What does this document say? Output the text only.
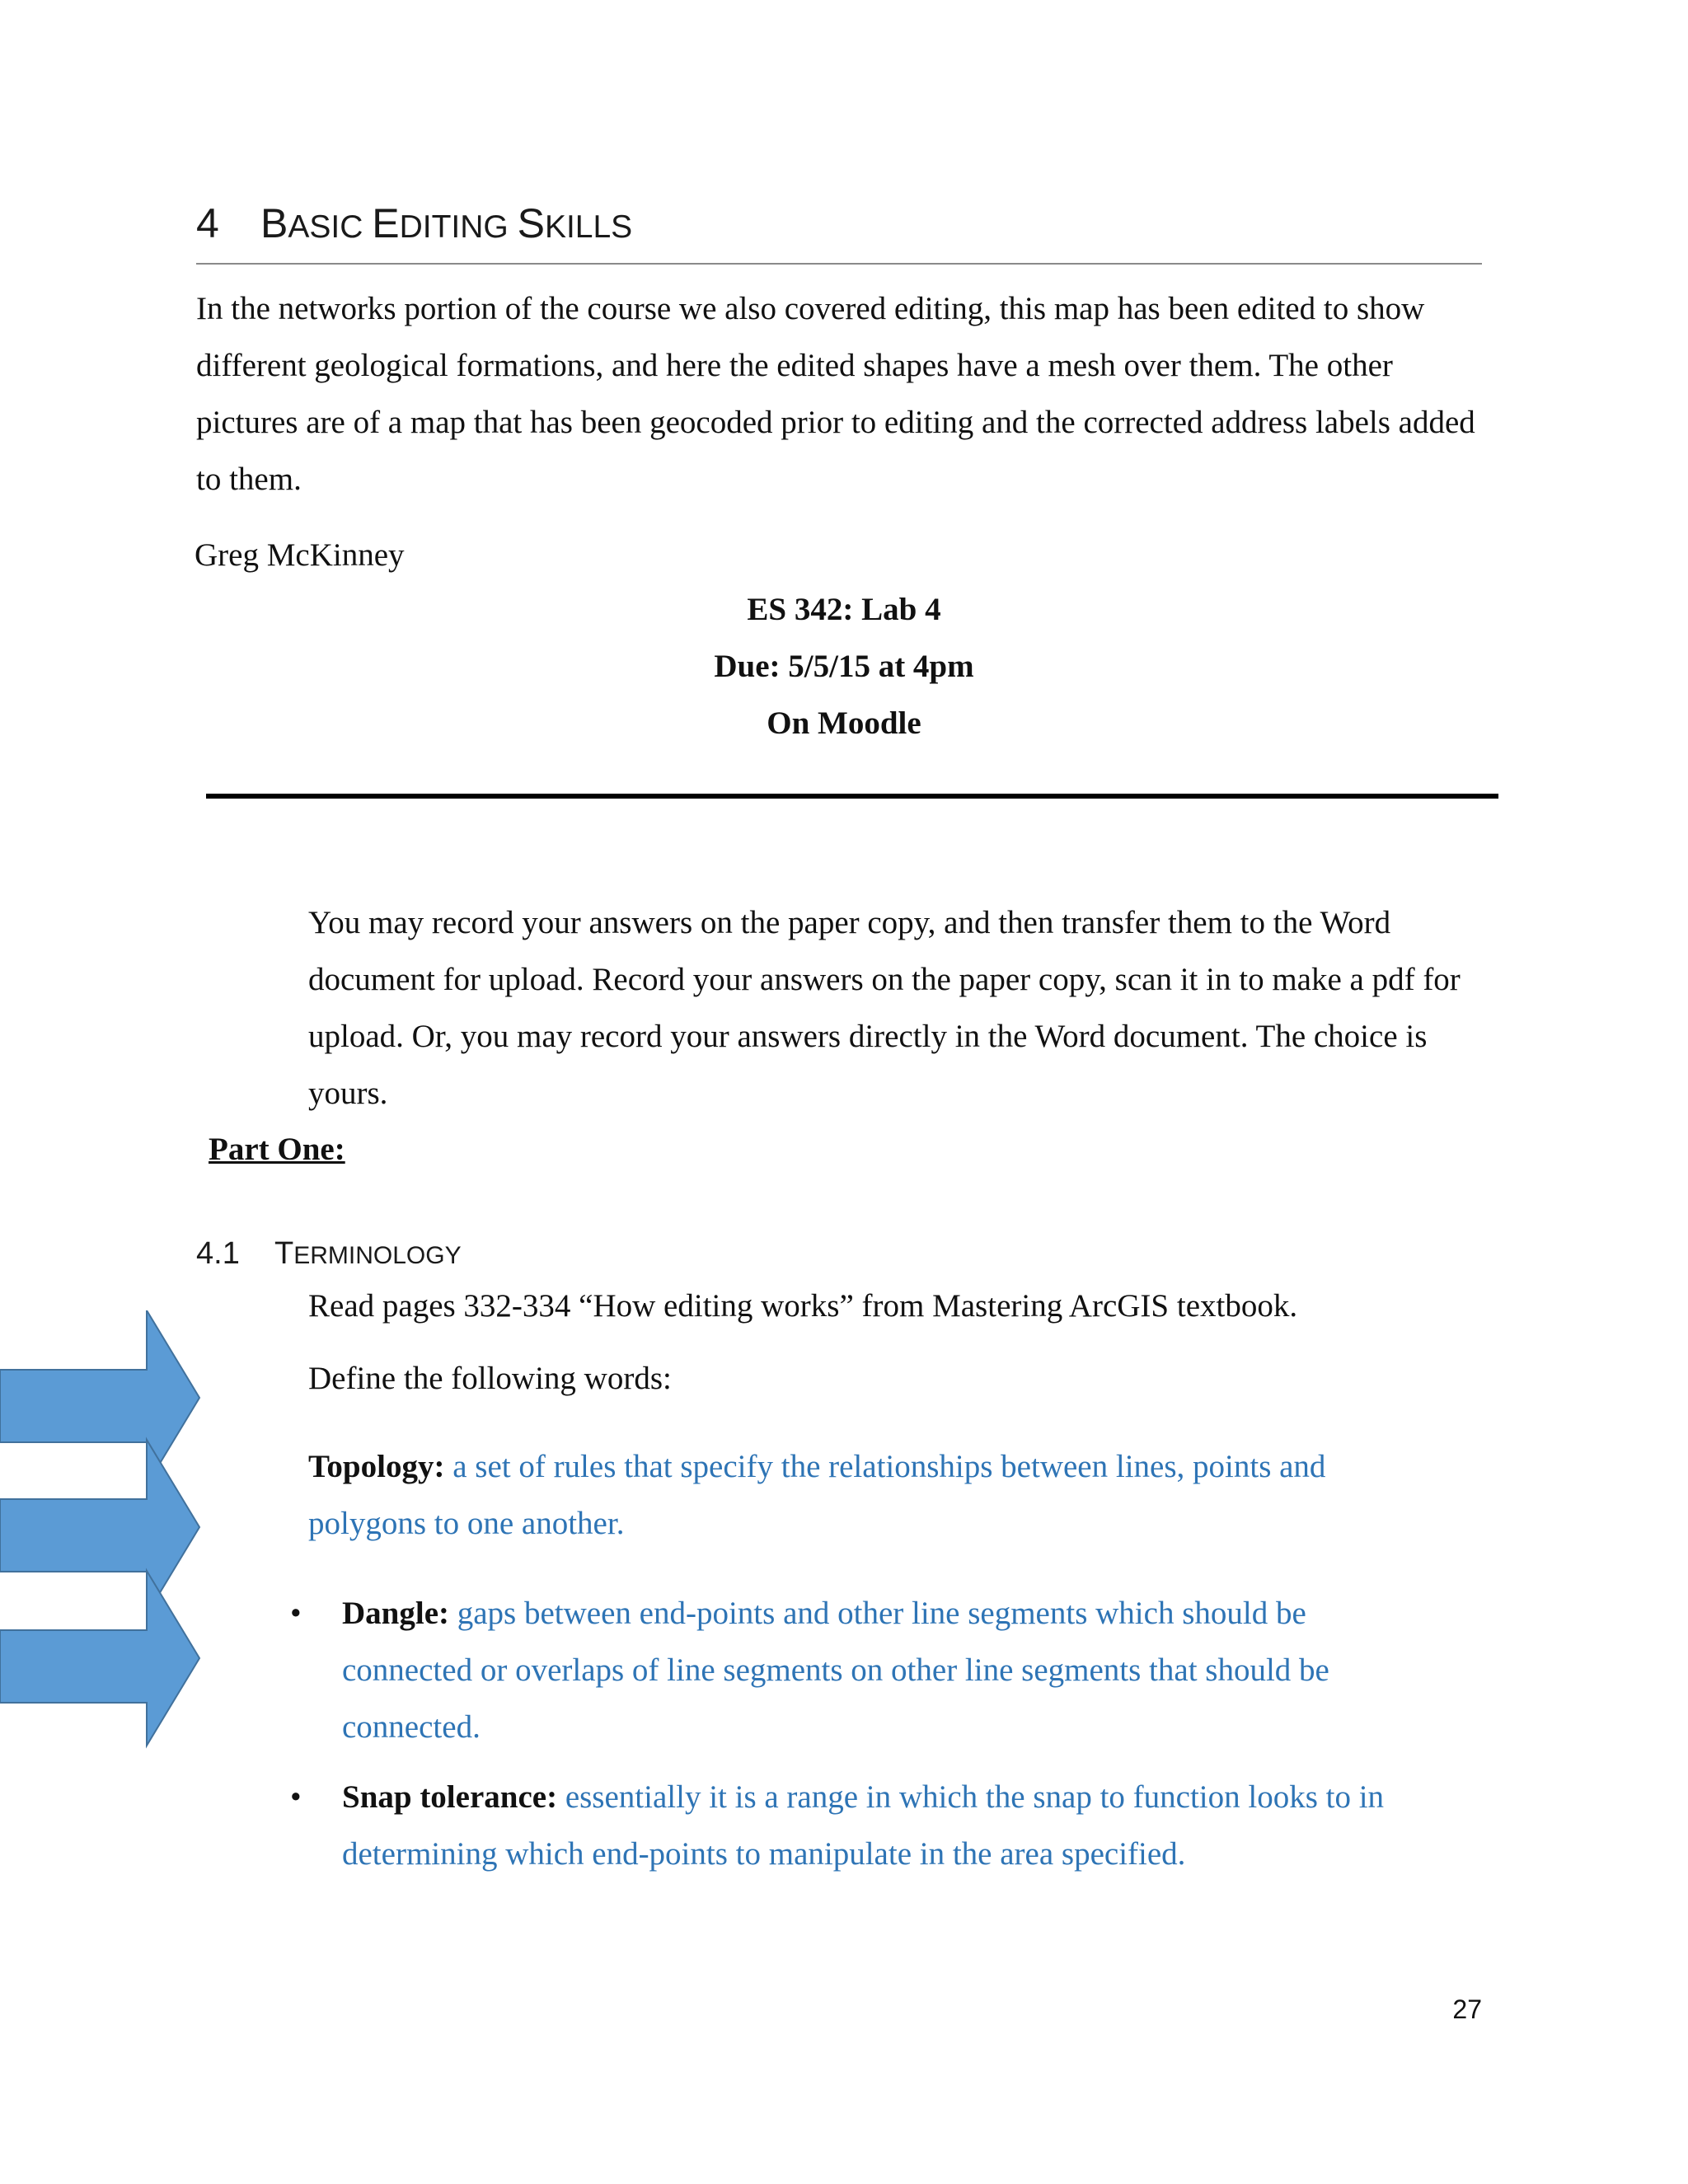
4 BASIC EDITING SKILLS
In the networks portion of the course we also covered editing, this map has been edited to show different geological formations, and here the edited shapes have a mesh over them. The other pictures are of a map that has been geocoded prior to editing and the corrected address labels added to them.
Greg McKinney
ES 342: Lab 4
Due: 5/5/15 at 4pm
On Moodle
You may record your answers on the paper copy, and then transfer them to the Word document for upload. Record your answers on the paper copy, scan it in to make a pdf for upload. Or, you may record your answers directly in the Word document. The choice is yours.
Part One:
4.1 TERMINOLOGY
Read pages 332-334 “How editing works” from Mastering ArcGIS textbook.
Define the following words:
Topology: a set of rules that specify the relationships between lines, points and polygons to one another.
• Dangle: gaps between end-points and other line segments which should be connected or overlaps of line segments on other line segments that should be connected.
• Snap tolerance: essentially it is a range in which the snap to function looks to in determining which end-points to manipulate in the area specified.
27
